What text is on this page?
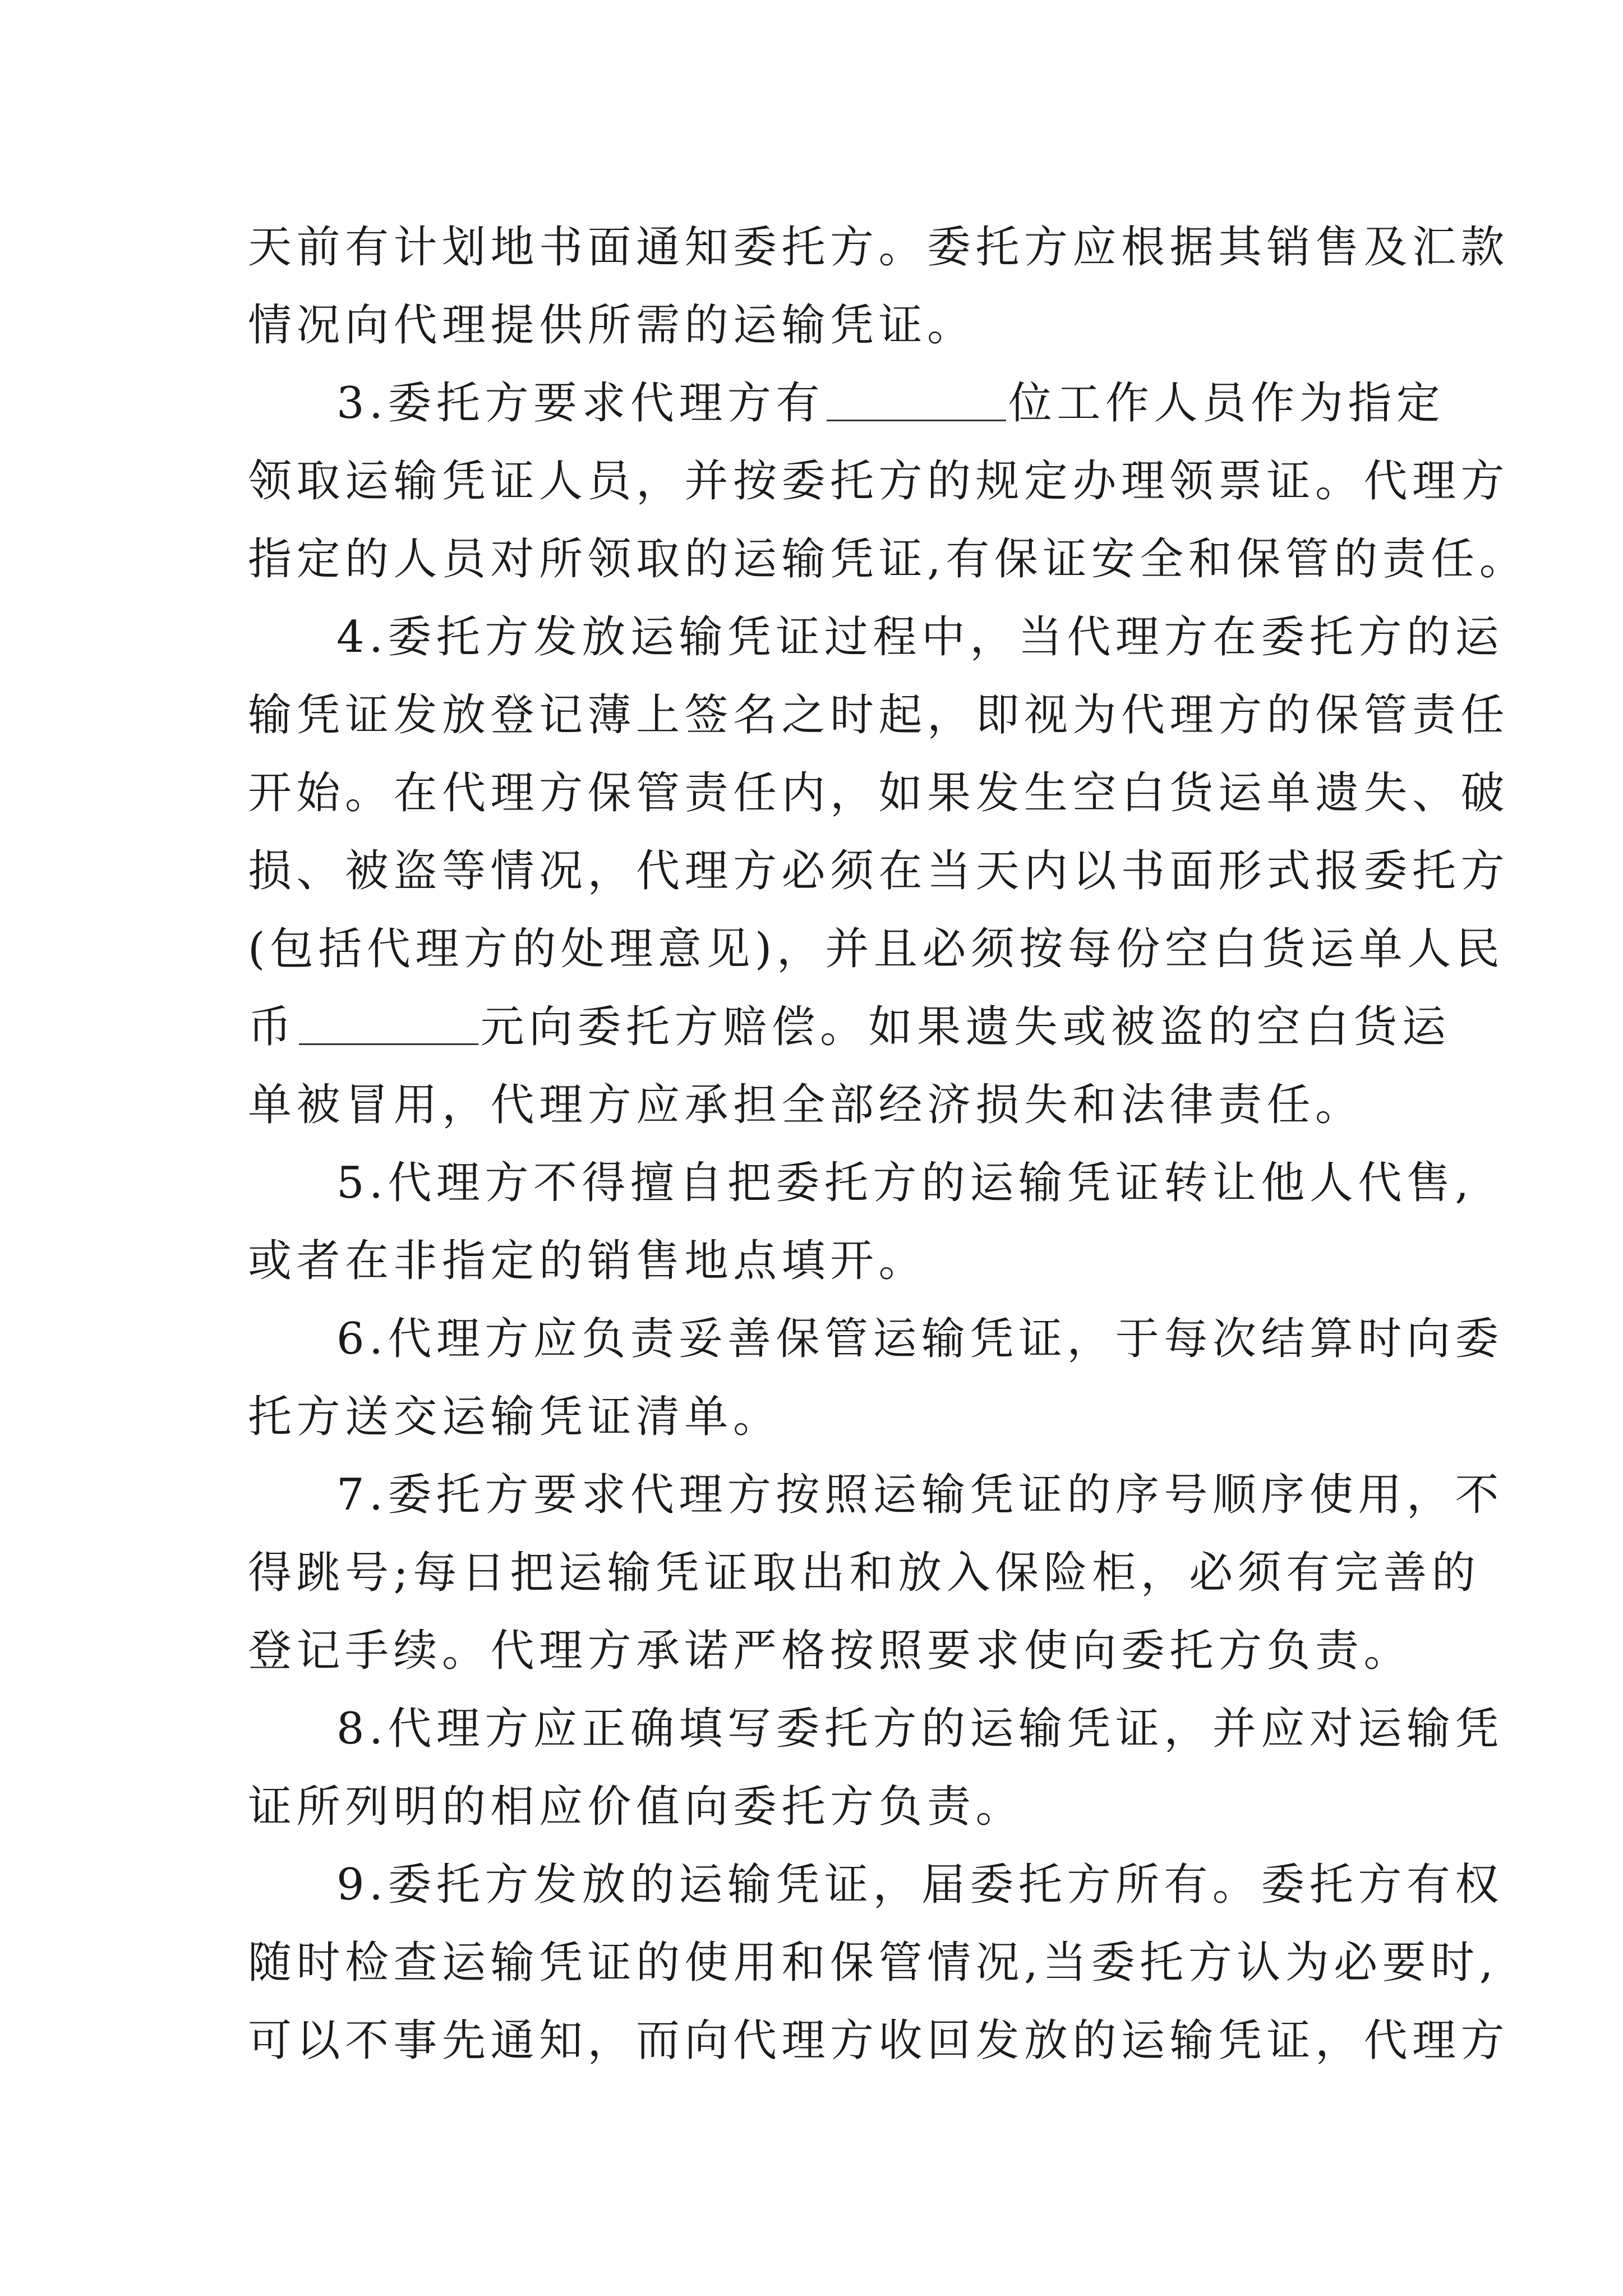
天前有计划地书面通知委托方。委托方应根据其销售及汇款
情况向代理提供所需的运输凭证。
3.委托方要求代理方有	位工作人员作为指定
领取运输凭证人员，并按委托方的规定办理领票证。代理方
指定的人员对所领取的运输凭证,有保证安全和保管的责任。
4.委托方发放运输凭证过程中，当代理方在委托方的运
输凭证发放登记薄上签名之时起，即视为代理方的保管责任
开始。在代理方保管责任内，如果发生空白货运单遗失、破
损、被盗等情况，代理方必须在当天内以书面形式报委托方
(包括代理方的处理意见)，并且必须按每份空白货运单人民
币	元向委托方赔偿。如果遗失或被盗的空白货运
单被冒用，代理方应承担全部经济损失和法律责任。
5.代理方不得擅自把委托方的运输凭证转让他人代售,
或者在非指定的销售地点填开。
6.代理方应负责妥善保管运输凭证，于每次结算时向委
托方送交运输凭证清单。
7.委托方要求代理方按照运输凭证的序号顺序使用，不
得跳号;每日把运输凭证取出和放入保险柜，必须有完善的
登记手续。代理方承诺严格按照要求使向委托方负责。
8.代理方应正确填写委托方的运输凭证，并应对运输凭
证所列明的相应价值向委托方负责。
9.委托方发放的运输凭证，届委托方所有。委托方有权
随时检查运输凭证的使用和保管情况,当委托方认为必要时,
可以不事先通知，而向代理方收回发放的运输凭证，代理方
